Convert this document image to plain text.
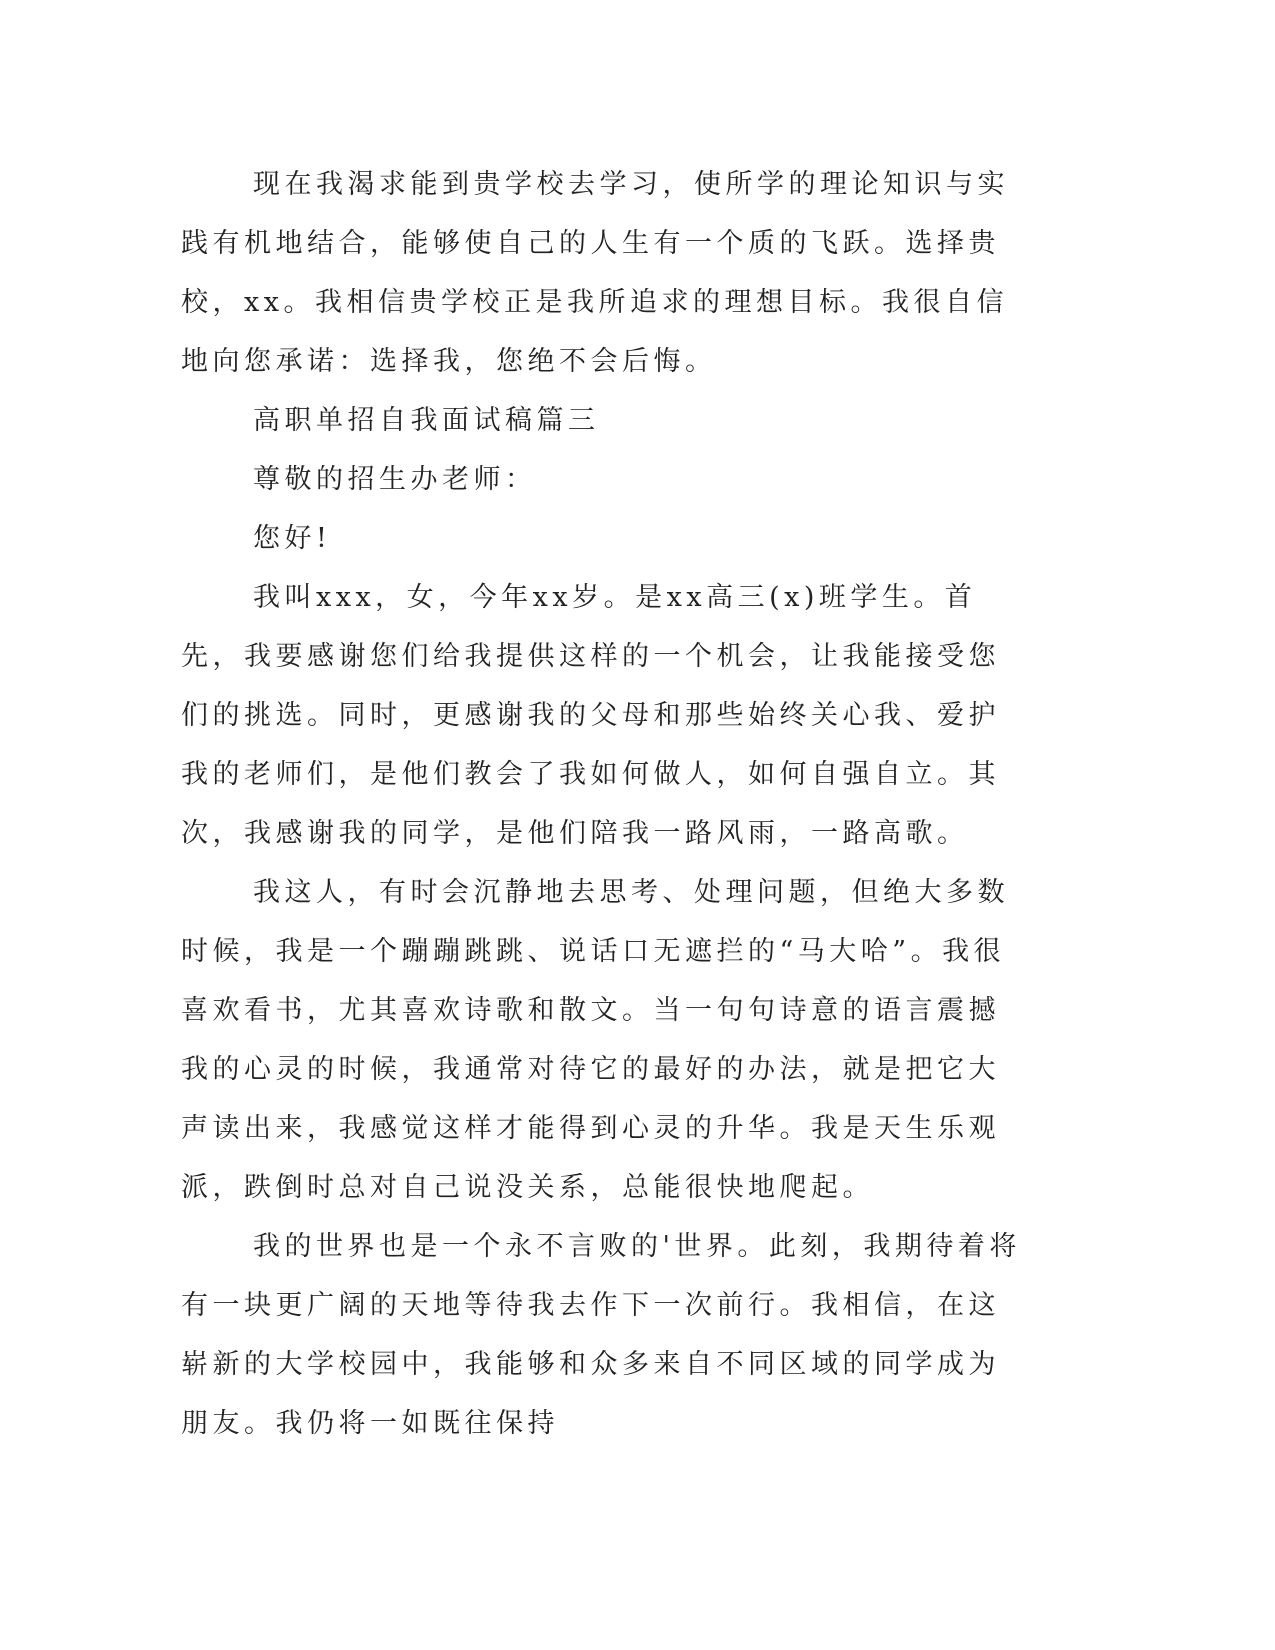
现在我渴求能到贵学校去学习，使所学的理论知识与实践有机地结合，能够使自己的人生有一个质的飞跃。选择贵校，xx。我相信贵学校正是我所追求的理想目标。我很自信地向您承诺：选择我，您绝不会后悔。

高职单招自我面试稿篇三

尊敬的招生办老师：

您好!

我叫xxx，女，今年xx岁。是xx高三(x)班学生。首先，我要感谢您们给我提供这样的一个机会，让我能接受您们的挑选。同时，更感谢我的父母和那些始终关心我、爱护我的老师们，是他们教会了我如何做人，如何自强自立。其次，我感谢我的同学，是他们陪我一路风雨，一路高歌。

我这人，有时会沉静地去思考、处理问题，但绝大多数时候，我是一个蹦蹦跳跳、说话口无遮拦的“马大哈”。我很喜欢看书，尤其喜欢诗歌和散文。当一句句诗意的语言震撼我的心灵的时候，我通常对待它的最好的办法，就是把它大声读出来，我感觉这样才能得到心灵的升华。我是天生乐观派，跌倒时总对自己说没关系，总能很快地爬起。

我的世界也是一个永不言败的'世界。此刻，我期待着将有一块更广阔的天地等待我去作下一次前行。我相信，在这崭新的大学校园中，我能够和众多来自不同区域的同学成为朋友。我仍将一如既往保持
